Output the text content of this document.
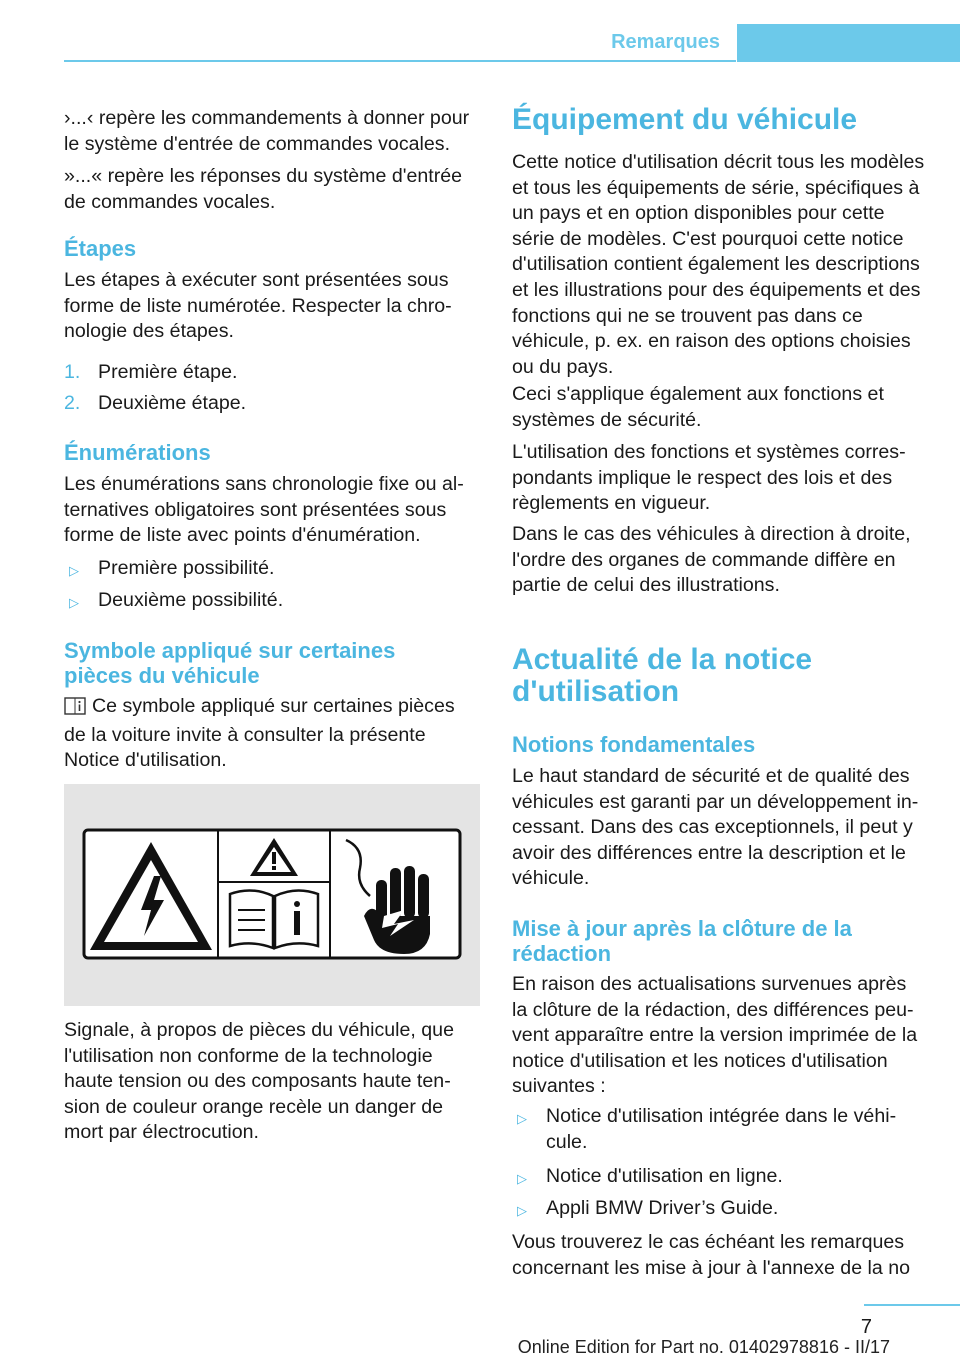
Remarques

›...‹ repère les commandements à donner pour le système d'entrée de commandes vocales.

»...« repère les réponses du système d'entrée de commandes vocales.

Étapes

Les étapes à exécuter sont présentées sous forme de liste numérotée. Respecter la chronologie des étapes.

1. Première étape.
2. Deuxième étape.
Énumérations

Les énumérations sans chronologie fixe ou alternatives obligatoires sont présentées sous forme de liste avec points d'énumération.

▷ Première possibilité.
▷ Deuxième possibilité.
Symbole appliqué sur certaines pièces du véhicule

Ce symbole appliqué sur certaines pièces de la voiture invite à consulter la présente Notice d'utilisation.

Signale, à propos de pièces du véhicule, que l'utilisation non conforme de la technologie haute tension ou des composants haute tension de couleur orange recèle un danger de mort par électrocution.

Équipement du véhicule

Cette notice d'utilisation décrit tous les modèles et tous les équipements de série, spécifiques à un pays et en option disponibles pour cette série de modèles. C'est pourquoi cette notice d'utilisation contient également les descriptions et les illustrations pour des équipements et des fonctions qui ne se trouvent pas dans ce véhicule, p. ex. en raison des options choisies ou du pays.

Ceci s'applique également aux fonctions et systèmes de sécurité.

L'utilisation des fonctions et systèmes correspondants implique le respect des lois et des règlements en vigueur.

Dans le cas des véhicules à direction à droite, l'ordre des organes de commande diffère en partie de celui des illustrations.

Actualité de la notice d'utilisation
Notions fondamentales

Le haut standard de sécurité et de qualité des véhicules est garanti par un développement incessant. Dans des cas exceptionnels, il peut y avoir des différences entre la description et le véhicule.

Mise à jour après la clôture de la rédaction

En raison des actualisations survenues après la clôture de la rédaction, des différences peuvent apparaître entre la version imprimée de la notice d'utilisation et les notices d'utilisation suivantes :

▷ Notice d'utilisation intégrée dans le véhicule.
▷ Notice d'utilisation en ligne.
▷ Appli BMW Driver’s Guide.

Vous trouverez le cas échéant les remarques concernant les mise à jour à l'annexe de la no

7
Online Edition for Part no. 01402978816 - II/17
